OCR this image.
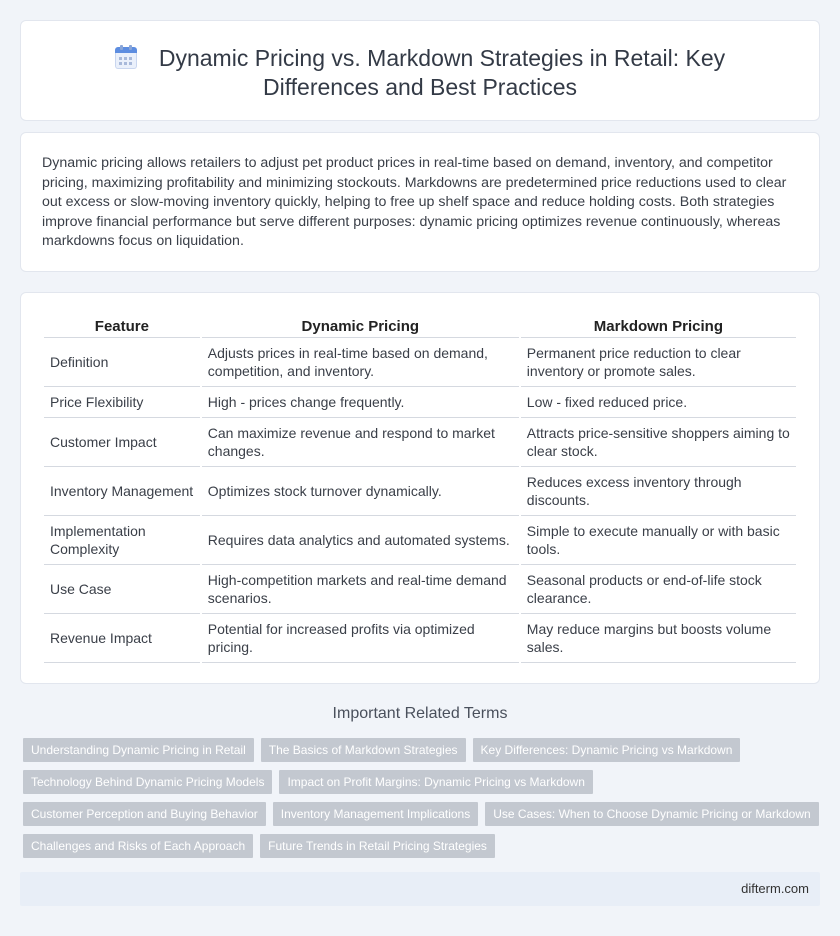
Dynamic Pricing vs. Markdown Strategies in Retail: Key Differences and Best Practices

Dynamic pricing allows retailers to adjust pet product prices in real-time based on demand, inventory, and competitor pricing, maximizing profitability and minimizing stockouts. Markdowns are predetermined price reductions used to clear out excess or slow-moving inventory quickly, helping to free up shelf space and reduce holding costs. Both strategies improve financial performance but serve different purposes: dynamic pricing optimizes revenue continuously, whereas markdowns focus on liquidation.

Feature	Dynamic Pricing	Markdown Pricing
Definition	Adjusts prices in real-time based on demand, competition, and inventory.	Permanent price reduction to clear inventory or promote sales.
Price Flexibility	High - prices change frequently.	Low - fixed reduced price.
Customer Impact	Can maximize revenue and respond to market changes.	Attracts price-sensitive shoppers aiming to clear stock.
Inventory Management	Optimizes stock turnover dynamically.	Reduces excess inventory through discounts.
Implementation Complexity	Requires data analytics and automated systems.	Simple to execute manually or with basic tools.
Use Case	High-competition markets and real-time demand scenarios.	Seasonal products or end-of-life stock clearance.
Revenue Impact	Potential for increased profits via optimized pricing.	May reduce margins but boosts volume sales.
Important Related Terms
Understanding Dynamic Pricing in Retail	The Basics of Markdown Strategies	Key Differences: Dynamic Pricing vs Markdown
Technology Behind Dynamic Pricing Models	Impact on Profit Margins: Dynamic Pricing vs Markdown
Customer Perception and Buying Behavior	Inventory Management Implications	Use Cases: When to Choose Dynamic Pricing or Markdown
Challenges and Risks of Each Approach	Future Trends in Retail Pricing Strategies
difterm.com
